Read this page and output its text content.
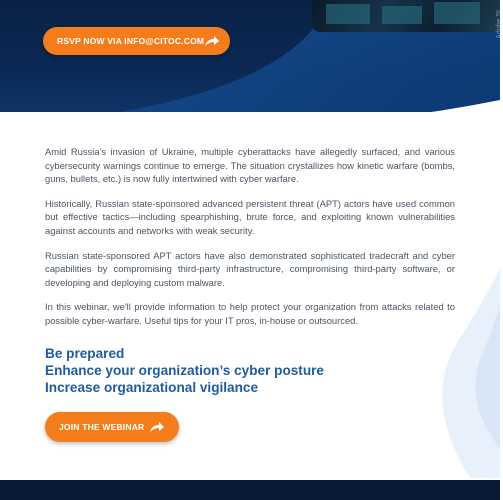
Adobe St
RSVP NOW VIA INFO@CITOC.COM

Amid Russia's invasion of Ukraine, multiple cyberattacks have allegedly surfaced, and various cybersecurity warnings continue to emerge. The situation crystallizes how kinetic warfare (bombs, guns, bullets, etc.) is now fully intertwined with cyber warfare.

Historically, Russian state-sponsored advanced persistent threat (APT) actors have used common but effective tactics—including spearphishing, brute force, and exploiting known vulnerabilities against accounts and networks with weak security.

Russian state-sponsored APT actors have also demonstrated sophisticated tradecraft and cyber capabilities by compromising third-party infrastructure, compromising third-party software, or developing and deploying custom malware.

In this webinar, we'll provide information to help protect your organization from attacks related to possible cyber-warfare. Useful tips for your IT pros, in-house or outsourced.

Be prepared
Enhance your organization’s cyber posture
Increase organizational vigilance
JOIN THE WEBINAR
